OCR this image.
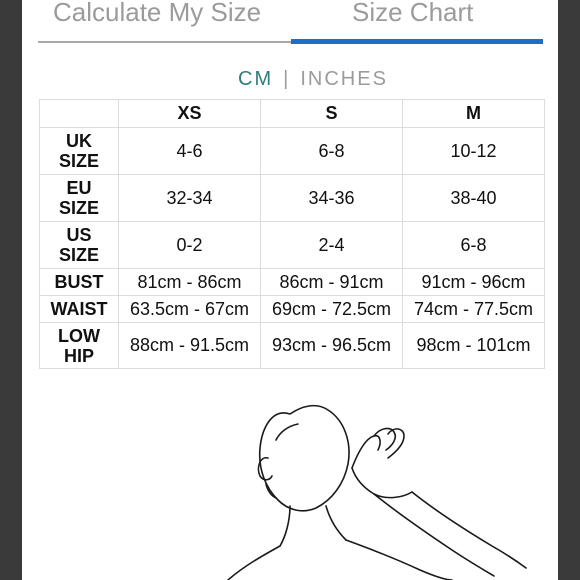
Calculate My Size	Size Chart
CM | INCHES
	XS	S	M
UK
SIZE	4-6	6-8	10-12
EU
SIZE	32-34	34-36	38-40
US
SIZE	0-2	2-4	6-8
BUST	81cm - 86cm	86cm - 91cm	91cm - 96cm
WAIST	63.5cm - 67cm	69cm - 72.5cm	74cm - 77.5cm
LOW
HIP	88cm - 91.5cm	93cm - 96.5cm	98cm - 101cm
